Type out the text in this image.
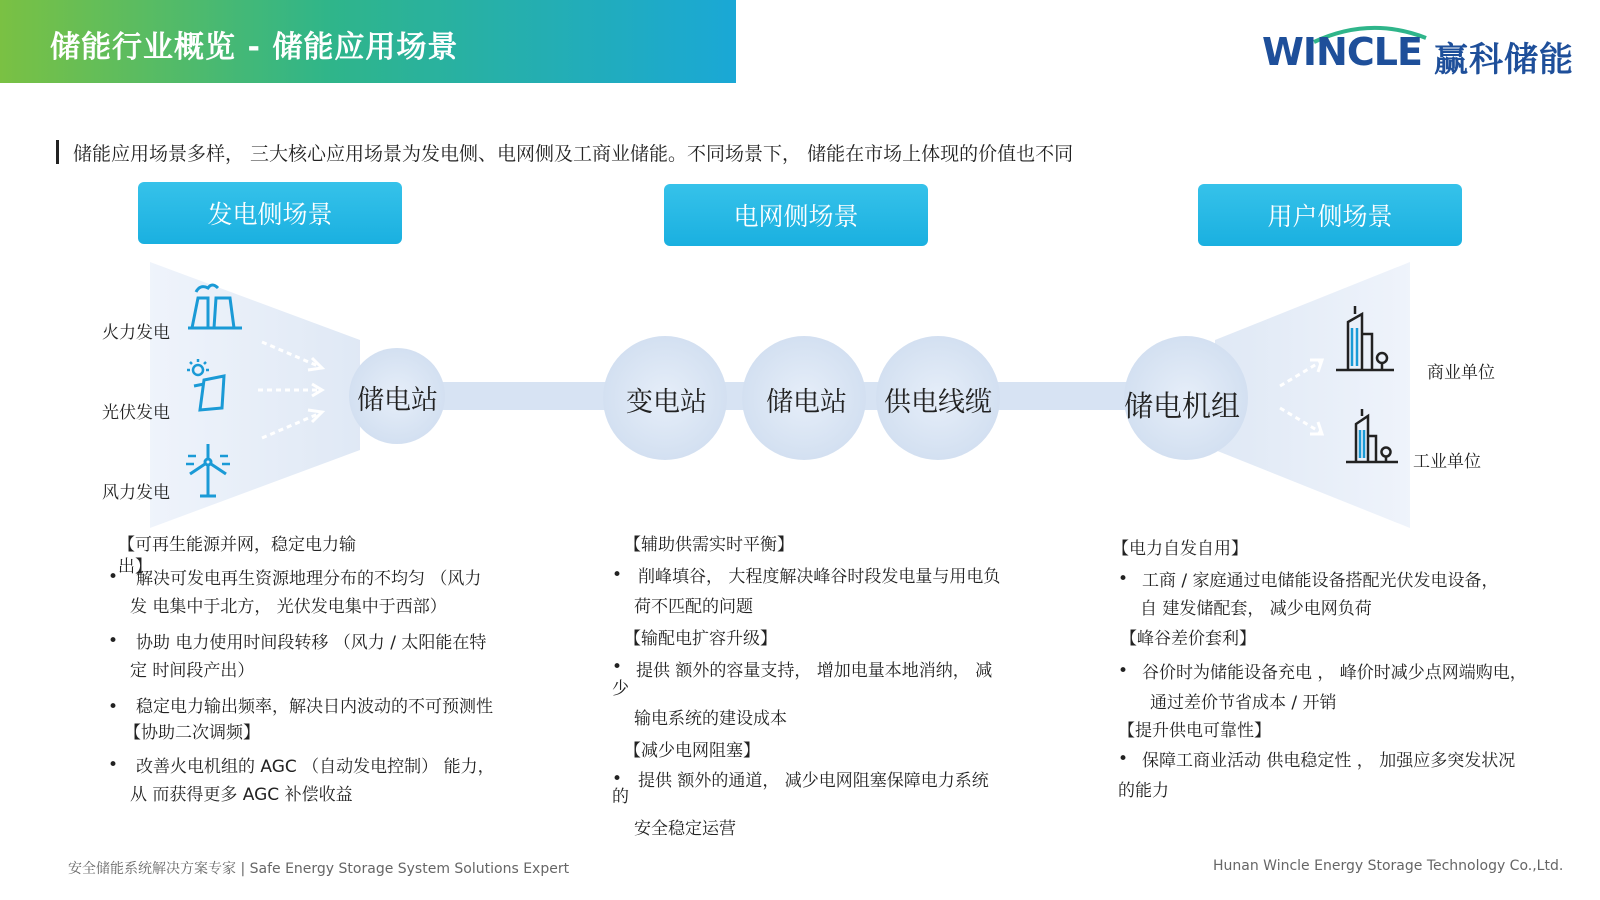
储能行业概览 - 储能应用场景	WINCLE 赢科储能
储能应用场景多样， 三大核心应用场景为发电侧、电网侧及工商业储能。不同场景下， 储能在市场上体现的价值也不同
发电侧场景	电网侧场景	用户侧场景
储电站	变电站 储电站 供电线缆	储电机组
火力发电
光伏发电
风力发电
商业单位
工业单位
【可再生能源并网，稳定电力输
出】
• 解决可发电再生资源地理分布的不均匀 （风力
发 电集中于北方， 光伏发电集中于西部）
• 协助 电力使用时间段转移 （风力 / 太阳能在特
定 时间段产出）
• 稳定电力输出频率，解决日内波动的不可预测性
【协助二次调频】
• 改善火电机组的 AGC （自动发电控制） 能力，
从 而获得更多 AGC 补偿收益
【辅助供需实时平衡】
• 削峰填谷， 大程度解决峰谷时段发电量与用电负
荷不匹配的问题
【输配电扩容升级】
• 提供 额外的容量支持， 增加电量本地消纳， 减
少
输电系统的建设成本
【减少电网阻塞】
• 提供 额外的通道， 减少电网阻塞保障电力系统
的
安全稳定运营
【电力自发自用】
• 工商 / 家庭通过电储能设备搭配光伏发电设备，
自 建发储配套， 减少电网负荷
【峰谷差价套利】
• 谷价时为储能设备充电 ， 峰价时减少点网端购电，
通过差价节省成本 / 开销
【提升供电可靠性】
• 保障工商业活动 供电稳定性 ， 加强应多突发状况
的能力
安全储能系统解决方案专家 | Safe Energy Storage System Solutions Expert	Hunan Wincle Energy Storage Technology Co.,Ltd.
